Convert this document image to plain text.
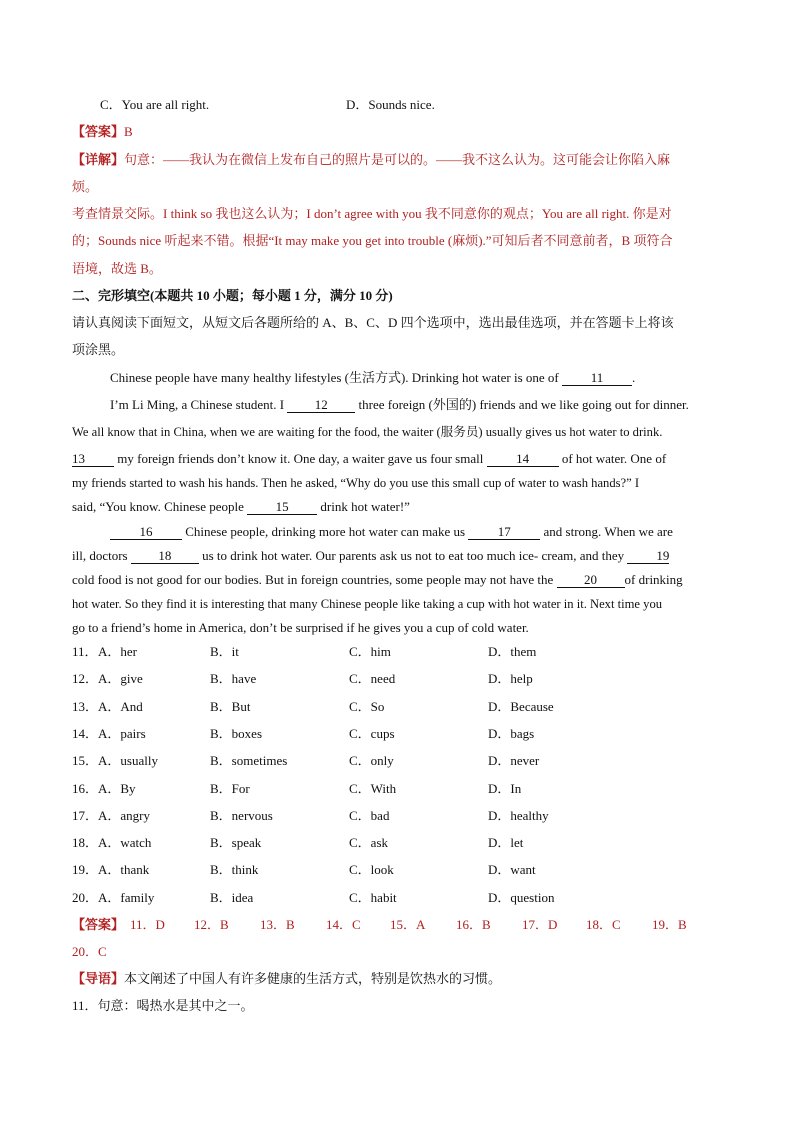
C．You are all right.	D．Sounds nice.
【答案】B
【详解】句意：——我认为在微信上发布自己的照片是可以的。——我不这么认为。这可能会让你陷入麻
烦。
考查情景交际。I think so 我也这么认为；I don’t agree with you 我不同意你的观点；You are all right. 你是对
的；Sounds nice 听起来不错。根据“It may make you get into trouble (麻烦).”可知后者不同意前者，B 项符合
语境，故选 B。
二、完形填空(本题共 10 小题；每小题 1 分，满分 10 分)
请认真阅读下面短文，从短文后各题所给的 A、B、C、D 四个选项中，选出最佳选项，并在答题卡上将该
项涂黑。
Chinese people have many healthy lifestyles (生活方式). Drinking hot water is one of 11 .
I’m Li Ming, a Chinese student. I 12 three foreign (外国的) friends and we like going out for dinner.
We all know that in China, when we are waiting for the food, the waiter (服务员) usually gives us hot water to drink.
13 my foreign friends don’t know it. One day, a waiter gave us four small	14	of hot water. One of
my friends started to wash his hands. Then he asked, “Why do you use this small cup of water to wash hands?” I
said, “You know. Chinese people 15 drink hot water!”
16	Chinese people, drinking more hot water can make us	17	and strong. When we are
ill, doctors 18 us to drink hot water. Our parents ask us not to eat too much ice- cream, and they 19
cold food is not good for our bodies. But in foreign countries, some people may not have the 20 of drinking
hot water. So they find it is interesting that many Chinese people like taking a cup with hot water in it. Next time you
go to a friend’s home in America, don’t be surprised if he gives you a cup of cold water.
11． A．her	B．it	C．him	D．them
12． A．give	B．have	C．need	D．help
13． A．And	B．But	C．So	D．Because
14． A．pairs	B．boxes	C．cups	D．bags
15． A．usually	B．sometimes	C．only	D．never
16． A．By	B．For	C．With	D．In
17． A．angry	B．nervous	C．bad	D．healthy
18． A．watch	B．speak	C．ask	D．let
19． A．thank	B．think	C．look	D．want
20． A．family	B．idea	C．habit	D．question
【答案】 11．D 12．B 13．B 14．C 15．A 16．B 17．D 18．C 19．B
20．C
【导语】本文阐述了中国人有许多健康的生活方式，特别是饮热水的习惯。
11．句意：喝热水是其中之一。
